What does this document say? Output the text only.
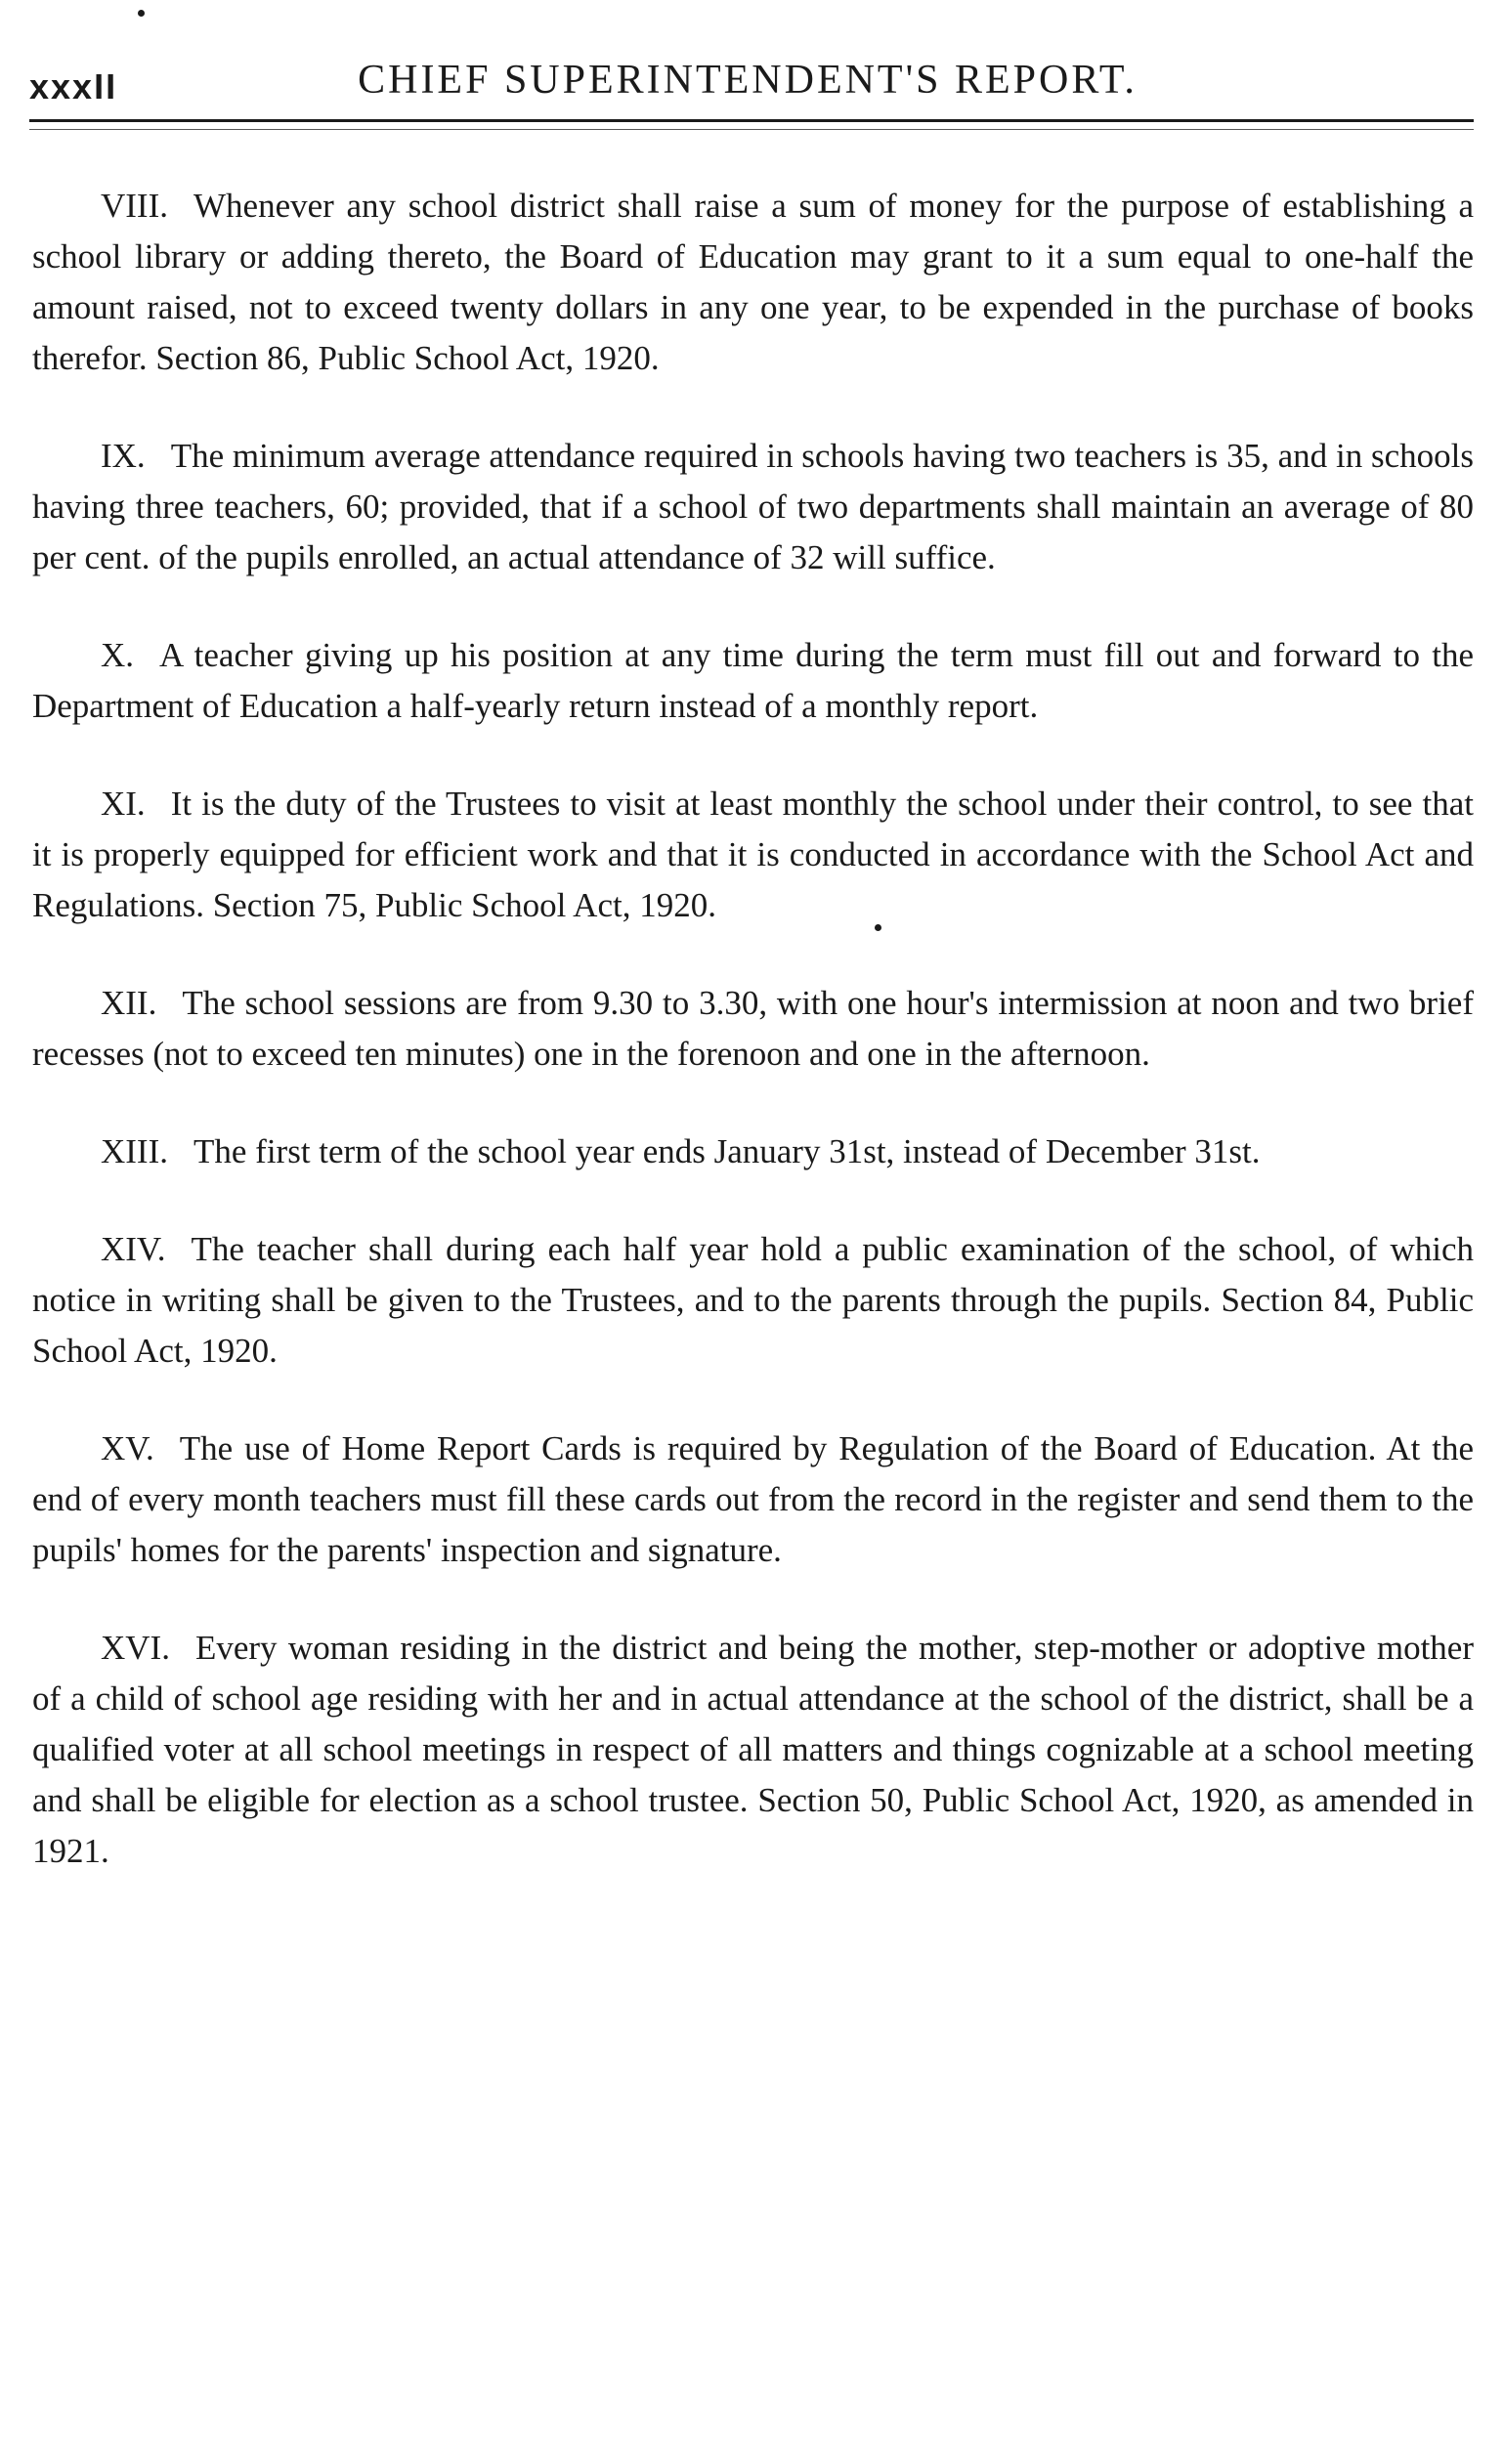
xxxII	CHIEF SUPERINTENDENT'S REPORT.

VIII. Whenever any school district shall raise a sum of money for the purpose of establishing a school library or adding thereto, the Board of Education may grant to it a sum equal to one-half the amount raised, not to exceed twenty dollars in any one year, to be expended in the purchase of books therefor. Section 86, Public School Act, 1920.

IX. The minimum average attendance required in schools having two teachers is 35, and in schools having three teachers, 60; provided, that if a school of two departments shall maintain an average of 80 per cent. of the pupils enrolled, an actual attendance of 32 will suffice.

X. A teacher giving up his position at any time during the term must fill out and forward to the Department of Education a half-yearly return instead of a monthly report.

XI. It is the duty of the Trustees to visit at least monthly the school under their control, to see that it is properly equipped for efficient work and that it is conducted in accordance with the School Act and Regulations. Section 75, Public School Act, 1920.

XII. The school sessions are from 9.30 to 3.30, with one hour's intermission at noon and two brief recesses (not to exceed ten minutes) one in the forenoon and one in the afternoon.

XIII. The first term of the school year ends January 31st, instead of December 31st.

XIV. The teacher shall during each half year hold a public examination of the school, of which notice in writing shall be given to the Trustees, and to the parents through the pupils. Section 84, Public School Act, 1920.

XV. The use of Home Report Cards is required by Regulation of the Board of Education. At the end of every month teachers must fill these cards out from the record in the register and send them to the pupils' homes for the parents' inspection and signature.

XVI. Every woman residing in the district and being the mother, step-mother or adoptive mother of a child of school age residing with her and in actual attendance at the school of the district, shall be a qualified voter at all school meetings in respect of all matters and things cognizable at a school meeting and shall be eligible for election as a school trustee. Section 50, Public School Act, 1920, as amended in 1921.
